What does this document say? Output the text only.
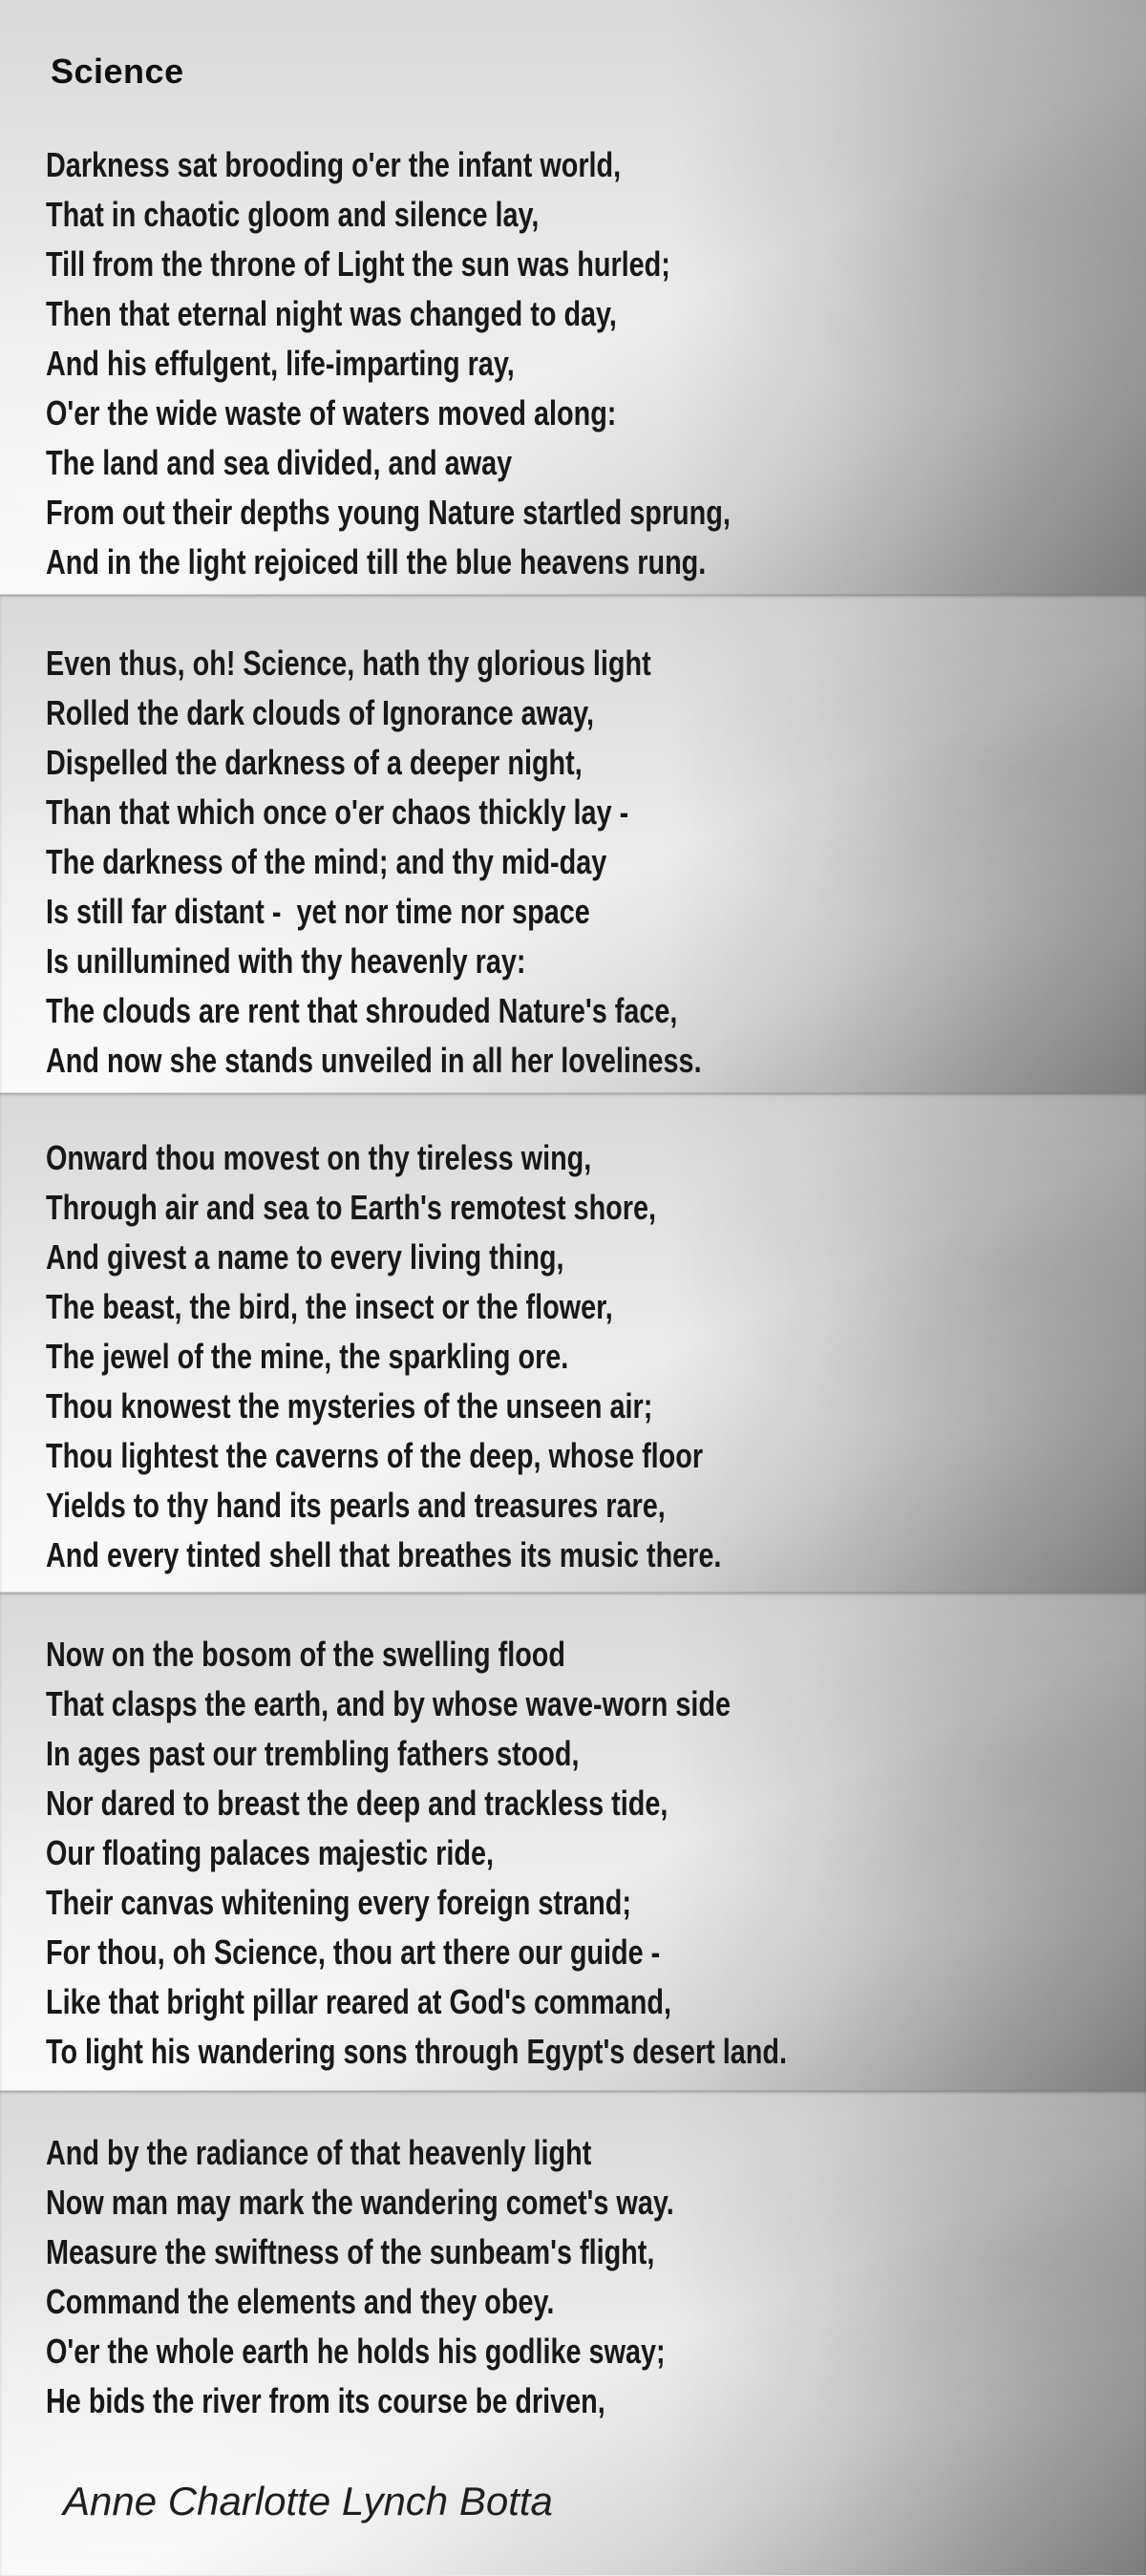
Science
Darkness sat brooding o'er the infant world,
That in chaotic gloom and silence lay,
Till from the throne of Light the sun was hurled;
Then that eternal night was changed to day,
And his effulgent, life-imparting ray,
O'er the wide waste of waters moved along:
The land and sea divided, and away
From out their depths young Nature startled sprung,
And in the light rejoiced till the blue heavens rung.
Even thus, oh! Science, hath thy glorious light
Rolled the dark clouds of Ignorance away,
Dispelled the darkness of a deeper night,
Than that which once o'er chaos thickly lay -
The darkness of the mind; and thy mid-day
Is still far distant -  yet nor time nor space
Is unillumined with thy heavenly ray:
The clouds are rent that shrouded Nature's face,
And now she stands unveiled in all her loveliness.
Onward thou movest on thy tireless wing,
Through air and sea to Earth's remotest shore,
And givest a name to every living thing,
The beast, the bird, the insect or the flower,
The jewel of the mine, the sparkling ore.
Thou knowest the mysteries of the unseen air;
Thou lightest the caverns of the deep, whose floor
Yields to thy hand its pearls and treasures rare,
And every tinted shell that breathes its music there.
Now on the bosom of the swelling flood
That clasps the earth, and by whose wave-worn side
In ages past our trembling fathers stood,
Nor dared to breast the deep and trackless tide,
Our floating palaces majestic ride,
Their canvas whitening every foreign strand;
For thou, oh Science, thou art there our guide -
Like that bright pillar reared at God's command,
To light his wandering sons through Egypt's desert land.
And by the radiance of that heavenly light
Now man may mark the wandering comet's way.
Measure the swiftness of the sunbeam's flight,
Command the elements and they obey.
O'er the whole earth he holds his godlike sway;
He bids the river from its course be driven,
Anne Charlotte Lynch Botta
